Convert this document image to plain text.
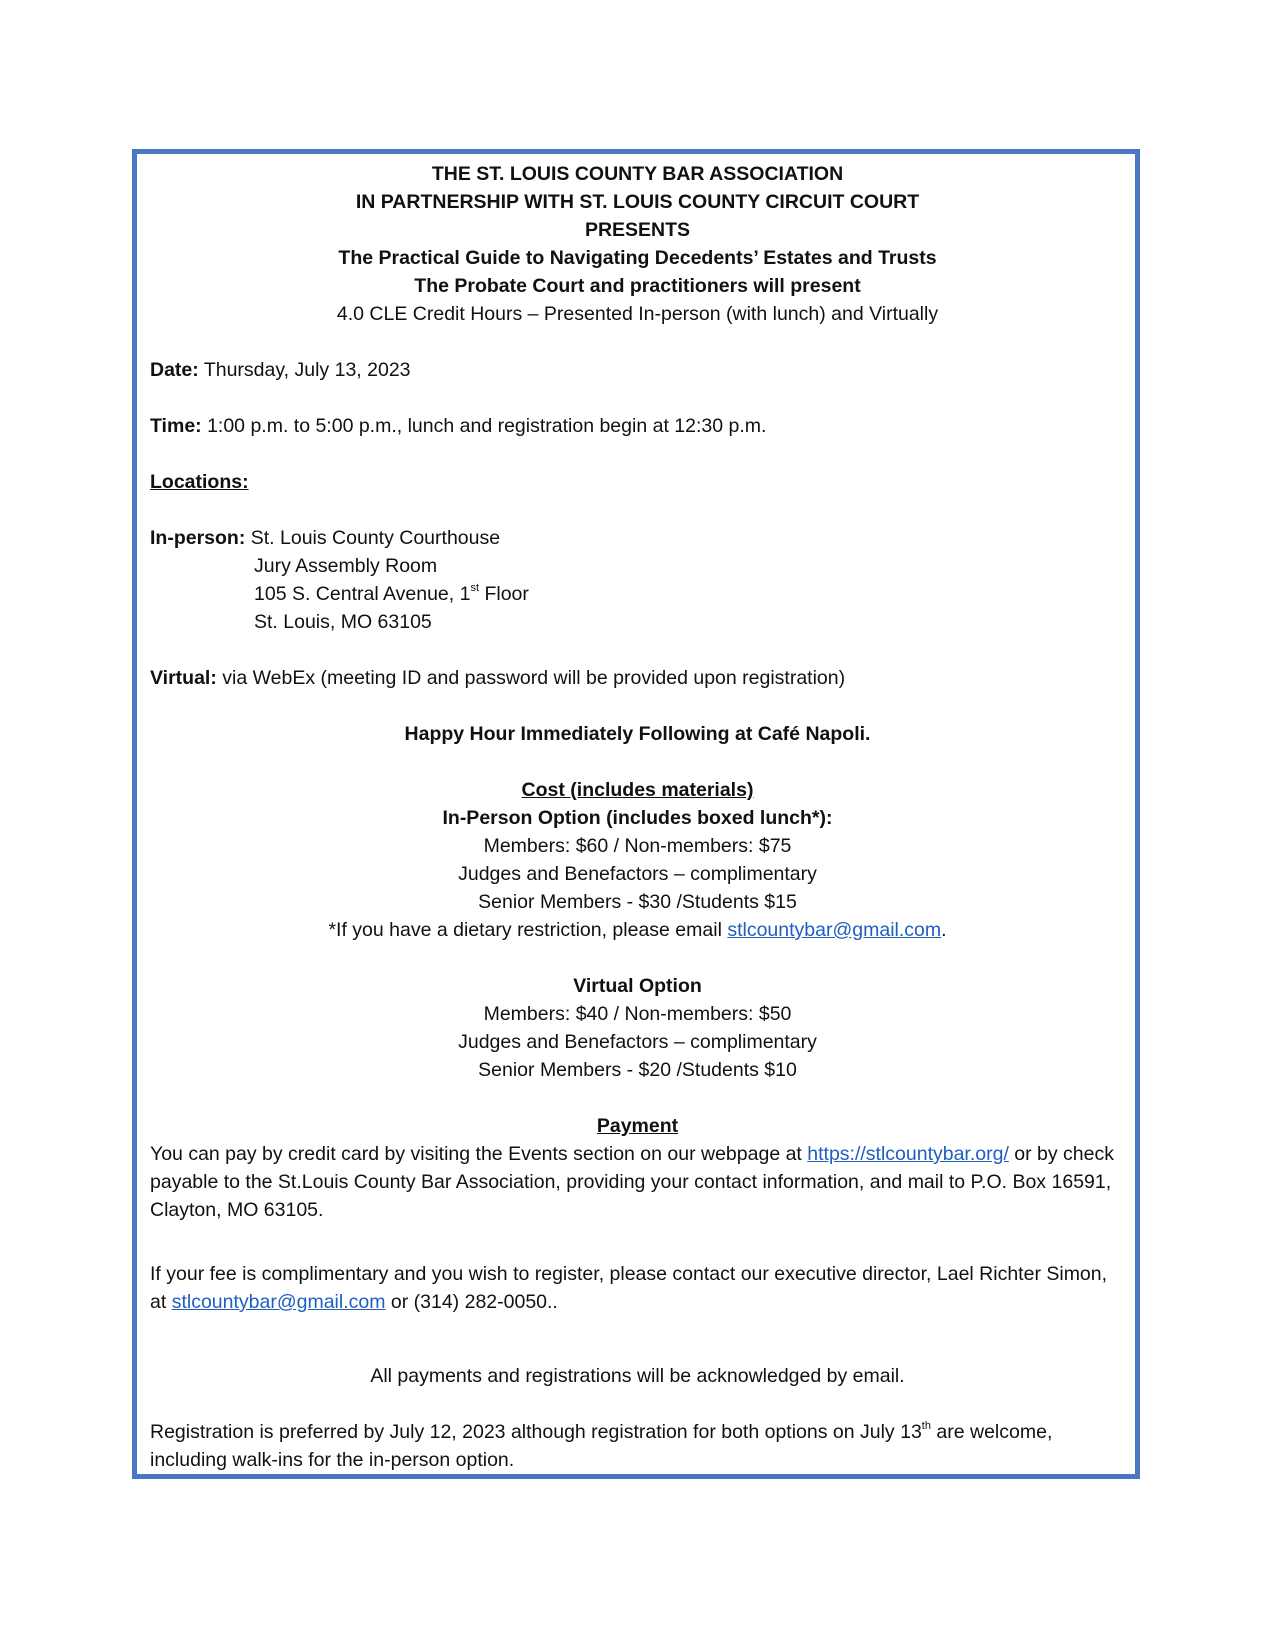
THE ST. LOUIS COUNTY BAR ASSOCIATION
IN PARTNERSHIP WITH ST. LOUIS COUNTY CIRCUIT COURT
PRESENTS
The Practical Guide to Navigating Decedents’ Estates and Trusts
The Probate Court and practitioners will present
4.0 CLE Credit Hours – Presented In-person (with lunch) and Virtually
Date: Thursday, July 13, 2023
Time: 1:00 p.m. to 5:00 p.m., lunch and registration begin at 12:30 p.m.
Locations:
In-person: St. Louis County Courthouse
Jury Assembly Room
105 S. Central Avenue, 1st Floor
St. Louis, MO 63105
Virtual: via WebEx (meeting ID and password will be provided upon registration)
Happy Hour Immediately Following at Café Napoli.
Cost (includes materials)
In-Person Option (includes boxed lunch*):
Members: $60 / Non-members: $75
Judges and Benefactors – complimentary
Senior Members - $30 /Students $15
*If you have a dietary restriction, please email stlcountybar@gmail.com.
Virtual Option
Members: $40 / Non-members: $50
Judges and Benefactors – complimentary
Senior Members - $20 /Students $10
Payment

You can pay by credit card by visiting the Events section on our webpage at https://stlcountybar.org/ or by check payable to the St.Louis County Bar Association, providing your contact information, and mail to P.O. Box 16591, Clayton, MO 63105.

If your fee is complimentary and you wish to register, please contact our executive director, Lael Richter Simon, at stlcountybar@gmail.com or (314) 282-0050..

All payments and registrations will be acknowledged by email.

Registration is preferred by July 12, 2023 although registration for both options on July 13th are welcome, including walk-ins for the in-person option.
